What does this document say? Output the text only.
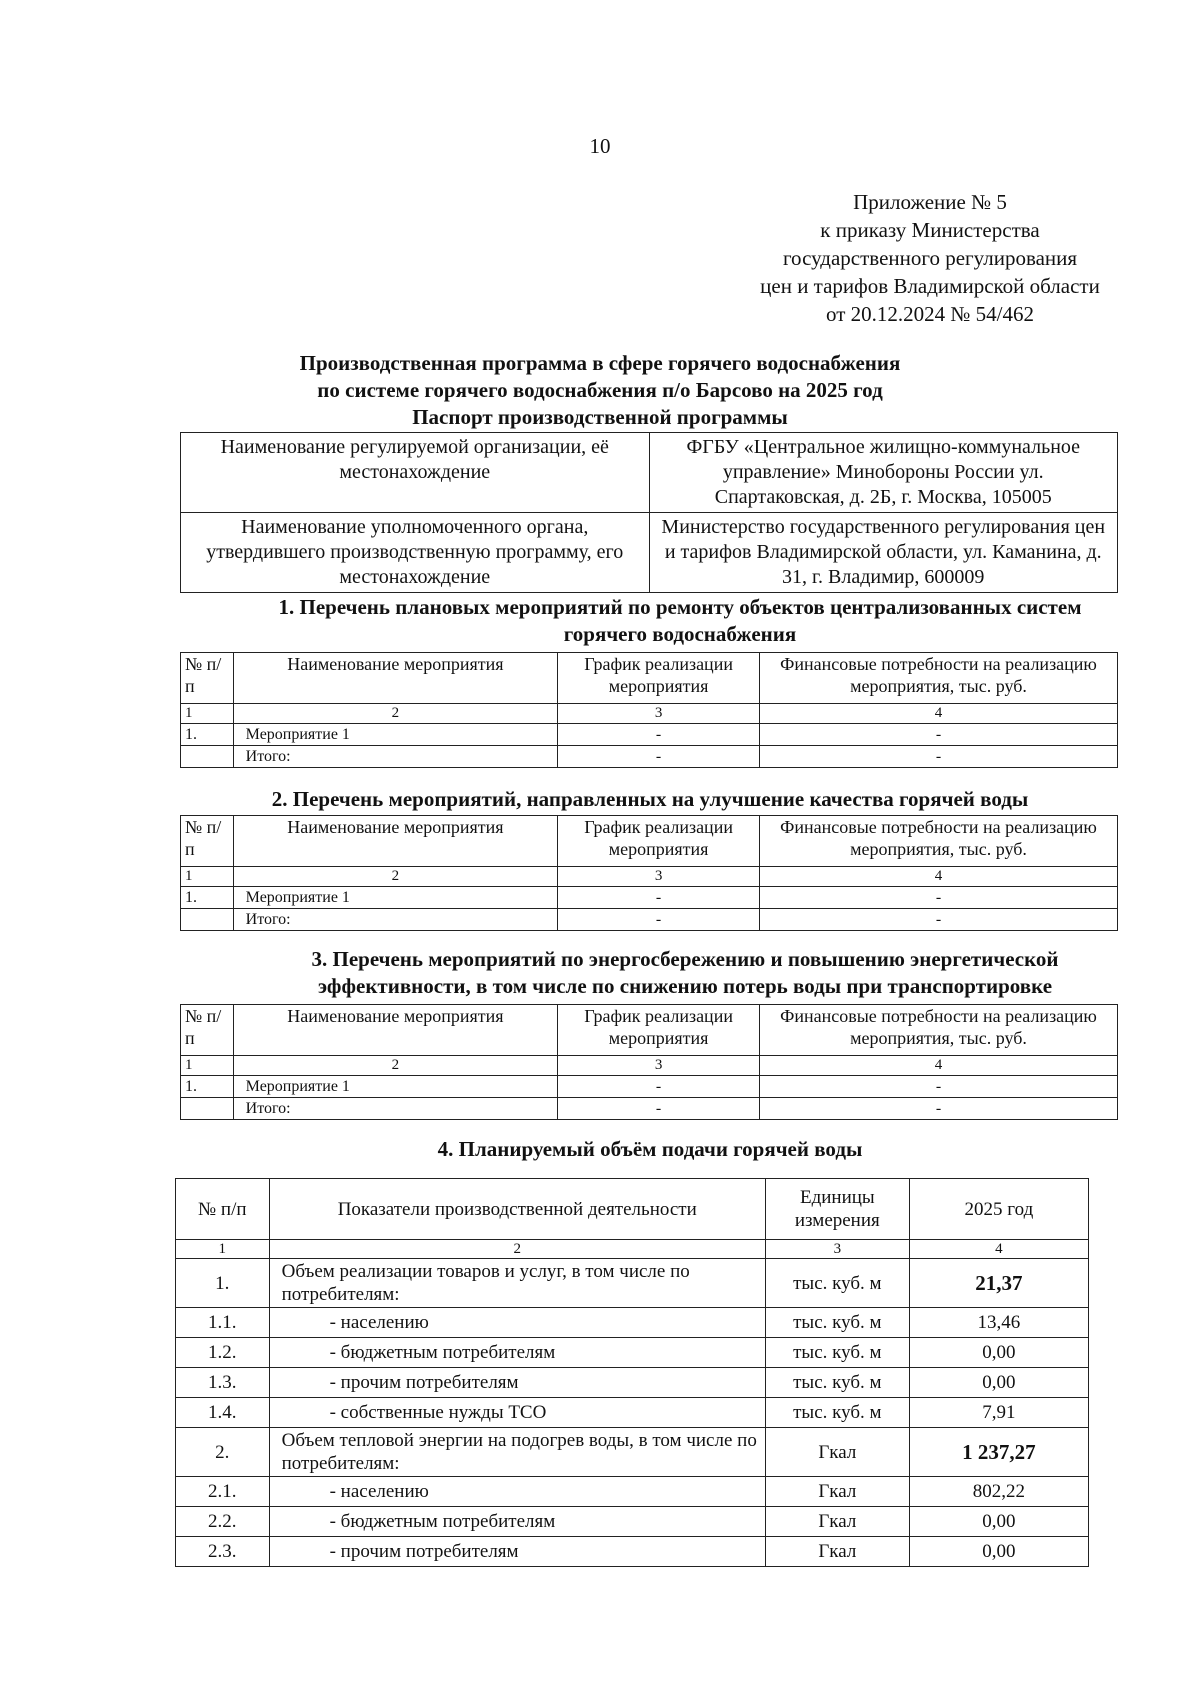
10
Приложение № 5
к приказу Министерства
государственного регулирования
цен и тарифов Владимирской области
от 20.12.2024 № 54/462
Производственная программа в сфере горячего водоснабжения
по системе горячего водоснабжения п/о Барсово на 2025 год
Паспорт производственной программы
Наименование регулируемой организации, её местонахождение	ФГБУ «Центральное жилищно-коммунальное управление» Минобороны России ул. Спартаковская, д. 2Б, г. Москва, 105005
Наименование уполномоченного органа, утвердившего производственную программу, его местонахождение	Министерство государственного регулирования цен и тарифов Владимирской области, ул. Каманина, д. 31, г. Владимир, 600009
1. Перечень плановых мероприятий по ремонту объектов централизованных систем горячего водоснабжения
№ п/п	Наименование мероприятия	График реализации мероприятия	Финансовые потребности на реализацию мероприятия, тыс. руб.
1	2	3	4
1.	Мероприятие 1	-	-
	Итого:	-	-
2. Перечень мероприятий, направленных на улучшение качества горячей воды
№ п/п	Наименование мероприятия	График реализации мероприятия	Финансовые потребности на реализацию мероприятия, тыс. руб.
1	2	3	4
1.	Мероприятие 1	-	-
	Итого:	-	-
3. Перечень мероприятий по энергосбережению и повышению энергетической эффективности, в том числе по снижению потерь воды при транспортировке
№ п/п	Наименование мероприятия	График реализации мероприятия	Финансовые потребности на реализацию мероприятия, тыс. руб.
1	2	3	4
1.	Мероприятие 1	-	-
	Итого:	-	-
4. Планируемый объём подачи горячей воды
№ п/п	Показатели производственной деятельности	Единицы измерения	2025 год
1	2	3	4
1.	Объем реализации товаров и услуг, в том числе по потребителям:	тыс. куб. м	21,37
1.1.	- населению	тыс. куб. м	13,46
1.2.	- бюджетным потребителям	тыс. куб. м	0,00
1.3.	- прочим потребителям	тыс. куб. м	0,00
1.4.	- собственные нужды ТСО	тыс. куб. м	7,91
2.	Объем тепловой энергии на подогрев воды, в том числе по потребителям:	Гкал	1 237,27
2.1.	- населению	Гкал	802,22
2.2.	- бюджетным потребителям	Гкал	0,00
2.3.	- прочим потребителям	Гкал	0,00
